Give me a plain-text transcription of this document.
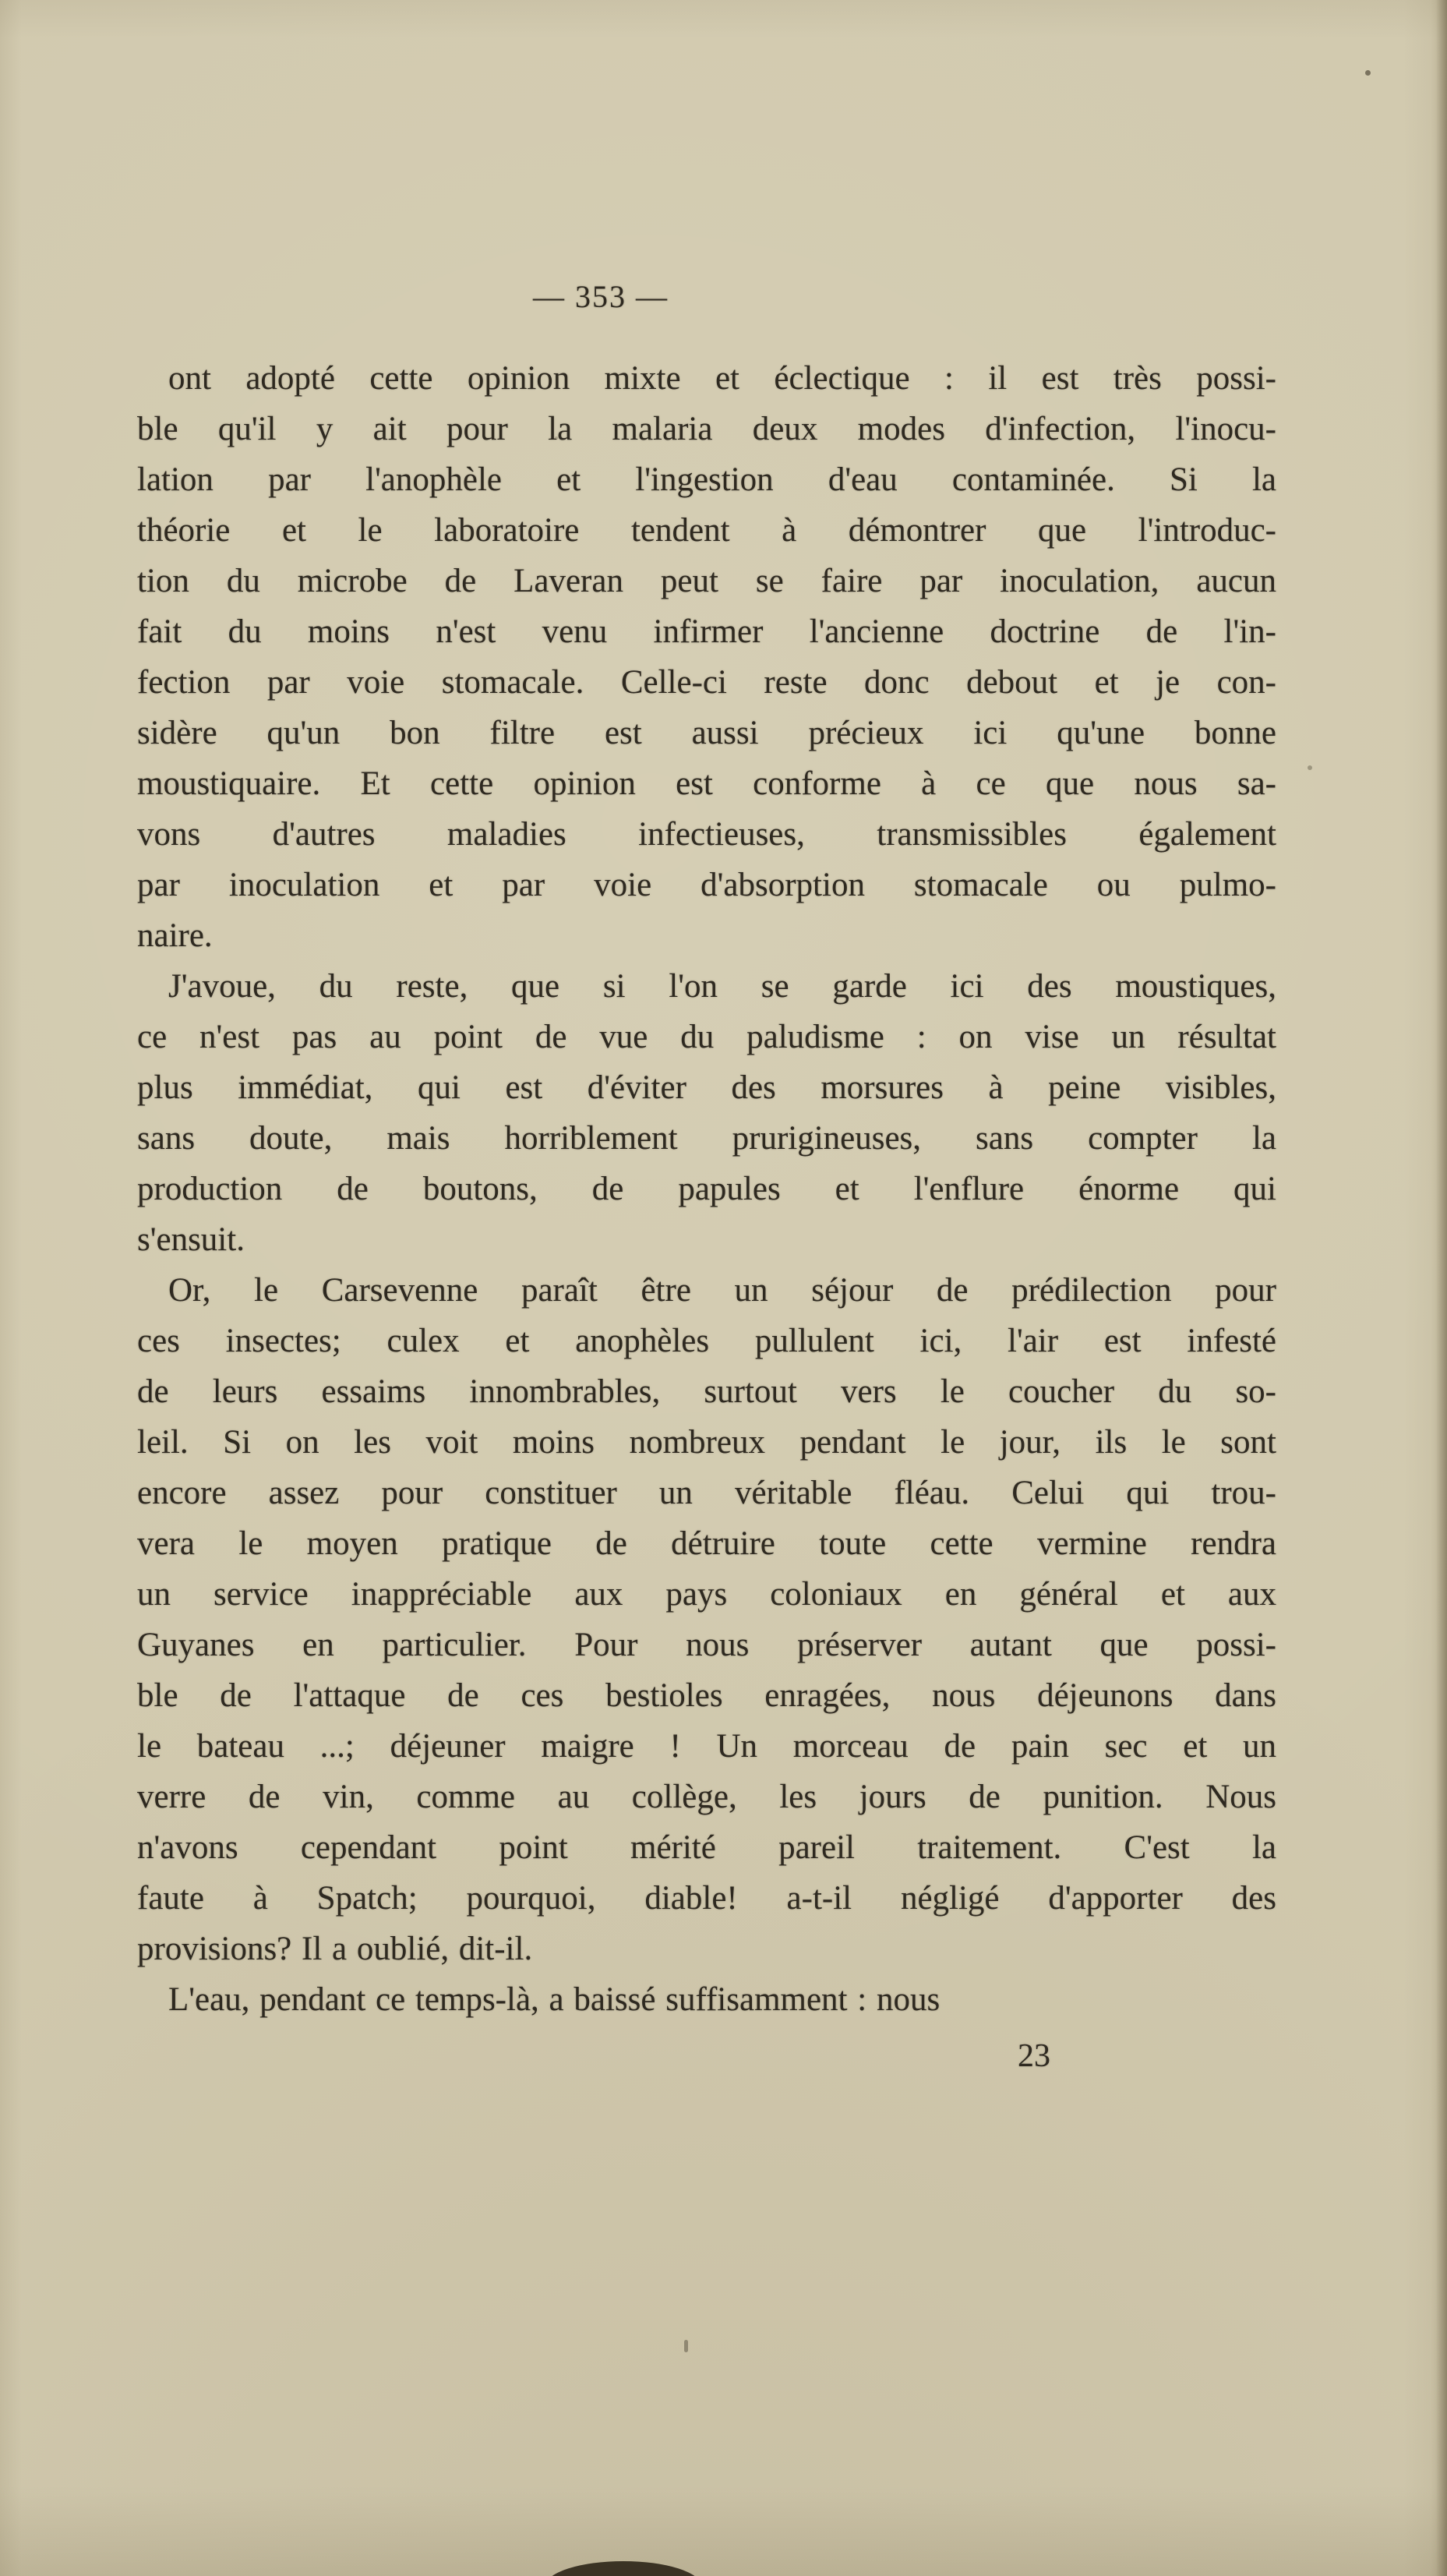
— 353 —
ont adopté cette opinion mixte et éclectique : il est très possi-
ble qu'il y ait pour la malaria deux modes d'infection, l'inocu-
lation par l'anophèle et l'ingestion d'eau contaminée. Si la
théorie et le laboratoire tendent à démontrer que l'introduc-
tion du microbe de Laveran peut se faire par inoculation, aucun
fait du moins n'est venu infirmer l'ancienne doctrine de l'in-
fection par voie stomacale. Celle-ci reste donc debout et je con-
sidère qu'un bon filtre est aussi précieux ici qu'une bonne
moustiquaire. Et cette opinion est conforme à ce que nous sa-
vons d'autres maladies infectieuses, transmissibles également
par inoculation et par voie d'absorption stomacale ou pulmo-
naire.
J'avoue, du reste, que si l'on se garde ici des moustiques,
ce n'est pas au point de vue du paludisme : on vise un résultat
plus immédiat, qui est d'éviter des morsures à peine visibles,
sans doute, mais horriblement prurigineuses, sans compter la
production de boutons, de papules et l'enflure énorme qui
s'ensuit.
Or, le Carsevenne paraît être un séjour de prédilection pour
ces insectes; culex et anophèles pullulent ici, l'air est infesté
de leurs essaims innombrables, surtout vers le coucher du so-
leil. Si on les voit moins nombreux pendant le jour, ils le sont
encore assez pour constituer un véritable fléau. Celui qui trou-
vera le moyen pratique de détruire toute cette vermine rendra
un service inappréciable aux pays coloniaux en général et aux
Guyanes en particulier. Pour nous préserver autant que possi-
ble de l'attaque de ces bestioles enragées, nous déjeunons dans
le bateau ...; déjeuner maigre ! Un morceau de pain sec et un
verre de vin, comme au collège, les jours de punition. Nous
n'avons cependant point mérité pareil traitement. C'est la
faute à Spatch; pourquoi, diable! a-t-il négligé d'apporter des
provisions? Il a oublié, dit-il.
L'eau, pendant ce temps-là, a baissé suffisamment : nous
23
